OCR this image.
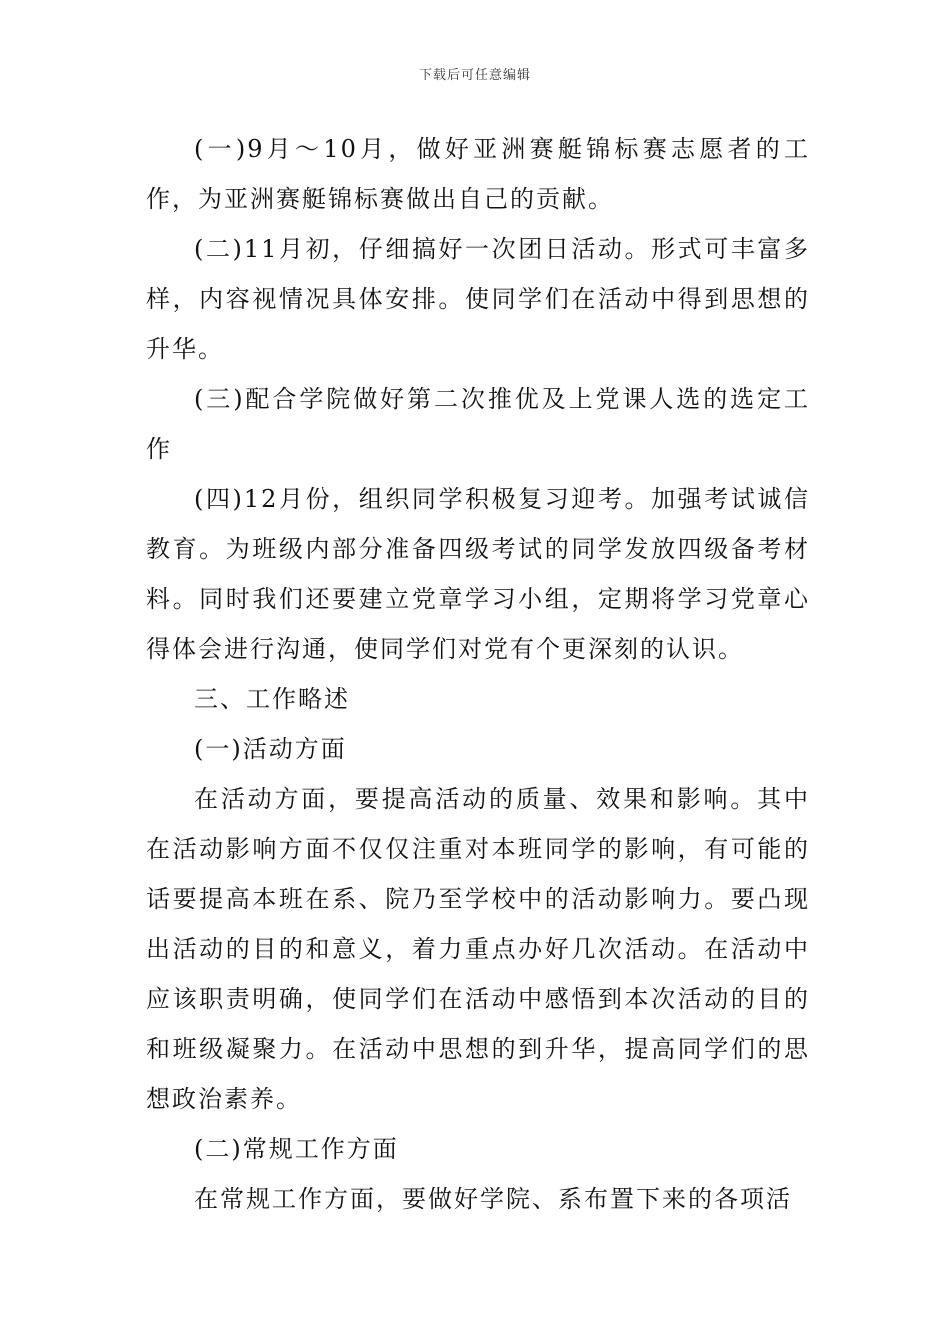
下载后可任意编辑

(一)9月～10月，做好亚洲赛艇锦标赛志愿者的工作，为亚洲赛艇锦标赛做出自己的贡献。

(二)11月初，仔细搞好一次团日活动。形式可丰富多样，内容视情况具体安排。使同学们在活动中得到思想的升华。

(三)配合学院做好第二次推优及上党课人选的选定工作

(四)12月份，组织同学积极复习迎考。加强考试诚信教育。为班级内部分准备四级考试的同学发放四级备考材料。同时我们还要建立党章学习小组，定期将学习党章心得体会进行沟通，使同学们对党有个更深刻的认识。

三、工作略述

(一)活动方面

在活动方面，要提高活动的质量、效果和影响。其中在活动影响方面不仅仅注重对本班同学的影响，有可能的话要提高本班在系、院乃至学校中的活动影响力。要凸现出活动的目的和意义，着力重点办好几次活动。在活动中应该职责明确，使同学们在活动中感悟到本次活动的目的和班级凝聚力。在活动中思想的到升华，提高同学们的思想政治素养。

(二)常规工作方面

在常规工作方面，要做好学院、系布置下来的各项活
